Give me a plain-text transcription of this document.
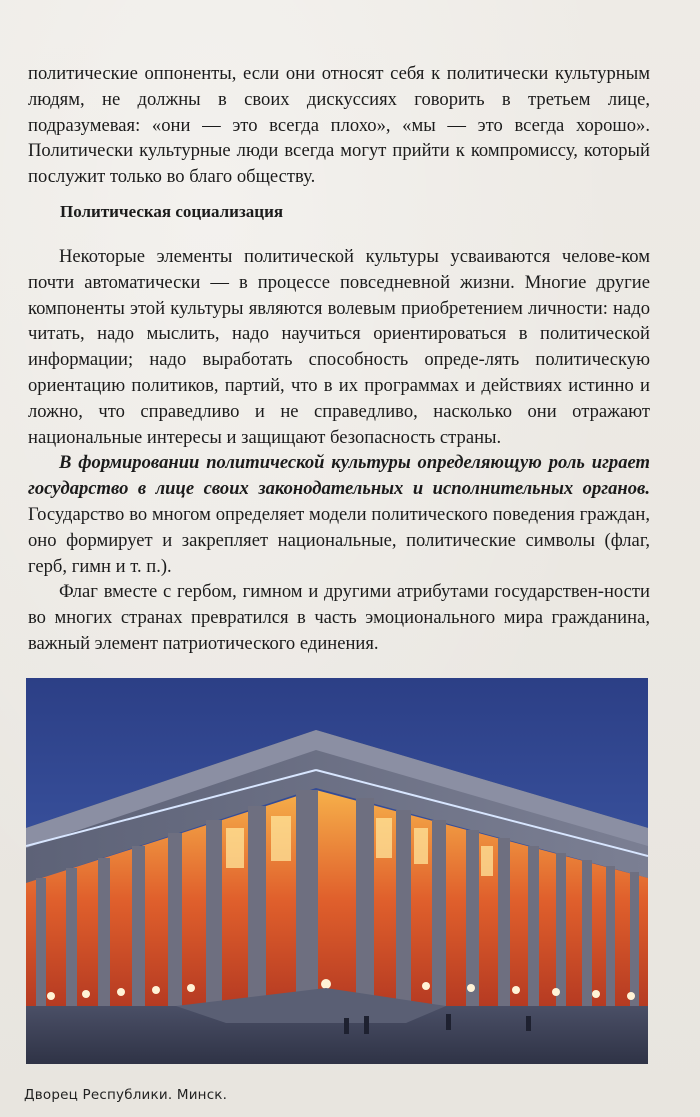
политические оппоненты, если они относят себя к политически культурным людям, не должны в своих дискуссиях говорить в третьем лице, подразумевая: «они — это всегда плохо», «мы — это всегда хорошо». Политически культурные люди всегда могут прийти к компромиссу, который послужит только во благо обществу.

Политическая социализация

Некоторые элементы политической культуры усваиваются челове-ком почти автоматически — в процессе повседневной жизни. Многие другие компоненты этой культуры являются волевым приобретением личности: надо читать, надо мыслить, надо научиться ориентироваться в политической информации; надо выработать способность опреде-лять политическую ориентацию политиков, партий, что в их программах и действиях истинно и ложно, что справедливо и не справедливо, насколько они отражают национальные интересы и защищают безопасность страны.

В формировании политической культуры определяющую роль играет государство в лице своих законодательных и исполнительных органов. Государство во многом определяет модели политического поведения граждан, оно формирует и закрепляет национальные, политические символы (флаг, герб, гимн и т. п.).

Флаг вместе с гербом, гимном и другими атрибутами государствен-ности во многих странах превратился в часть эмоционального мира гражданина, важный элемент патриотического единения.

Дворец Республики. Минск.
